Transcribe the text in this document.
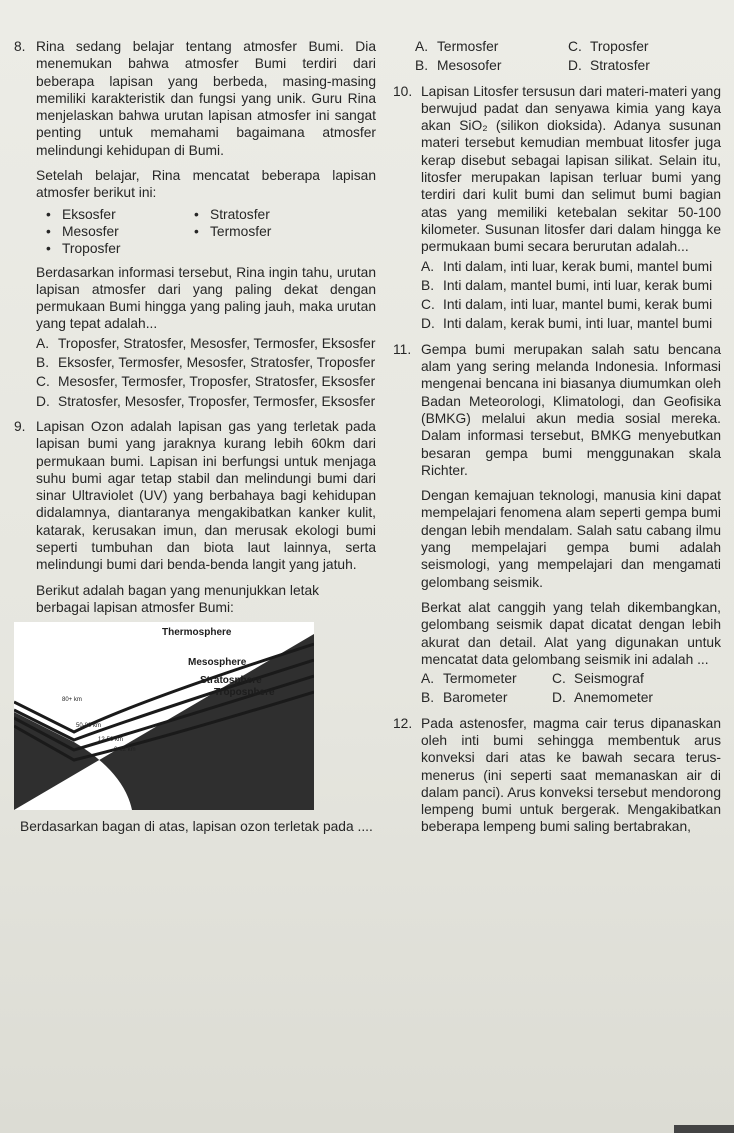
8. Rina sedang belajar tentang atmosfer Bumi. Dia menemukan bahwa atmosfer Bumi terdiri dari beberapa lapisan yang berbeda, masing-masing memiliki karakteristik dan fungsi yang unik. Guru Rina menjelaskan bahwa urutan lapisan atmosfer ini sangat penting untuk memahami bagaimana atmosfer melindungi kehidupan di Bumi.

Setelah belajar, Rina mencatat beberapa lapisan atmosfer berikut ini:

• Eksosfer	• Stratosfer
• Mesosfer	• Termosfer
• Troposfer

Berdasarkan informasi tersebut, Rina ingin tahu, urutan lapisan atmosfer dari yang paling dekat dengan permukaan Bumi hingga yang paling jauh, maka urutan yang tepat adalah...

A. Troposfer, Stratosfer, Mesosfer, Termosfer, Eksosfer
B. Eksosfer, Termosfer, Mesosfer, Stratosfer, Troposfer
C. Mesosfer, Termosfer, Troposfer, Stratosfer, Eksosfer
D. Stratosfer, Mesosfer, Troposfer, Termosfer, Eksosfer
9. Lapisan Ozon adalah lapisan gas yang terletak pada lapisan bumi yang jaraknya kurang lebih 60km dari permukaan bumi. Lapisan ini berfungsi untuk menjaga suhu bumi agar tetap stabil dan melindungi bumi dari sinar Ultraviolet (UV) yang berbahaya bagi kehidupan didalamnya, diantaranya mengakibatkan kanker kulit, katarak, kerusakan imun, dan merusak ekologi bumi seperti tumbuhan dan biota laut lainnya, serta melindungi bumi dari benda-benda langit yang jatuh.

Berikut adalah bagan yang menunjukkan letak berbagai lapisan atmosfer Bumi:

Thermosphere
Mesosphere
Stratosphere
Troposphere
80+ km
50-80 km
12-50 km
0-12 km

Berdasarkan bagan di atas, lapisan ozon terletak pada ....

A. Termosfer	C. Troposfer
B. Mesosofer	D. Stratosfer
10. Lapisan Litosfer tersusun dari materi-materi yang berwujud padat dan senyawa kimia yang kaya akan SiO₂ (silikon dioksida). Adanya susunan materi tersebut kemudian membuat litosfer juga kerap disebut sebagai lapisan silikat. Selain itu, litosfer merupakan lapisan terluar bumi yang terdiri dari kulit bumi dan selimut bumi bagian atas yang memiliki ketebalan sekitar 50-100 kilometer. Susunan litosfer dari dalam hingga ke permukaan bumi secara berurutan adalah...

A. Inti dalam, inti luar, kerak bumi, mantel bumi
B. Inti dalam, mantel bumi, inti luar, kerak bumi
C. Inti dalam, inti luar, mantel bumi, kerak bumi
D. Inti dalam, kerak bumi, inti luar, mantel bumi
11. Gempa bumi merupakan salah satu bencana alam yang sering melanda Indonesia. Informasi mengenai bencana ini biasanya diumumkan oleh Badan Meteorologi, Klimatologi, dan Geofisika (BMKG) melalui akun media sosial mereka. Dalam informasi tersebut, BMKG menyebutkan besaran gempa bumi menggunakan skala Richter.

Dengan kemajuan teknologi, manusia kini dapat mempelajari fenomena alam seperti gempa bumi dengan lebih mendalam. Salah satu cabang ilmu yang mempelajari gempa bumi adalah seismologi, yang mempelajari dan mengamati gelombang seismik.

Berkat alat canggih yang telah dikembangkan, gelombang seismik dapat dicatat dengan lebih akurat dan detail. Alat yang digunakan untuk mencatat data gelombang seismik ini adalah ...

A. Termometer	C. Seismograf
B. Barometer	D. Anemometer
12. Pada astenosfer, magma cair terus dipanaskan oleh inti bumi sehingga membentuk arus konveksi dari atas ke bawah secara terus-menerus (ini seperti saat memanaskan air di dalam panci). Arus konveksi tersebut mendorong lempeng bumi untuk bergerak. Mengakibatkan beberapa lempeng bumi saling bertabrakan,
